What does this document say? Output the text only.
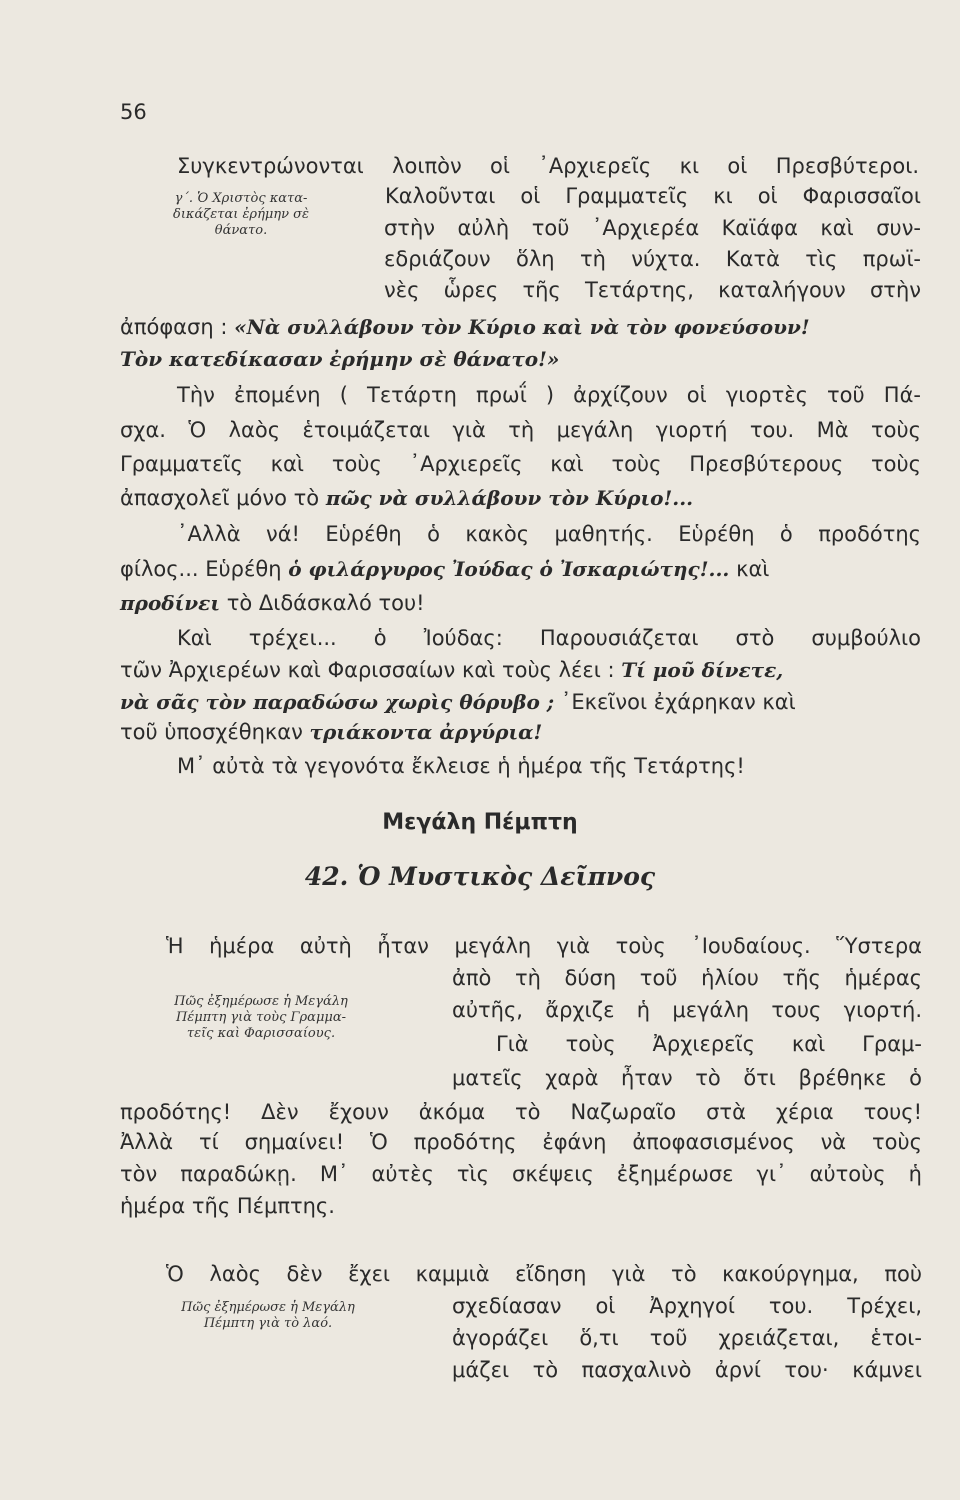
56
Συγκεντρώνονται λοιπὸν οἱ ᾿Αρχιερεῖς κι οἱ Πρεσβύτεροι.
Καλοῦνται οἱ Γραμματεῖς κι οἱ Φαρισσαῖοι
στὴν αὐλὴ τοῦ ᾿Αρχιερέα Καϊάφα καὶ συν-
εδριάζουν ὅλη τὴ νύχτα. Κατὰ τὶς πρωϊ-
νὲς ὧρες τῆς Τετάρτης, καταλήγουν στὴν
γ΄. Ὁ Χριστὸς κατα-
δικάζεται ἐρήμην σὲ
θάνατο.
ἀπόφαση : «Νὰ συλλάβουν τὸν Κύριο καὶ νὰ τὸν φονεύσουν!
Τὸν κατεδίκασαν ἐρήμην σὲ θάνατο!»
Τὴν ἐπομένη ( Τετάρτη πρωΐ ) ἀρχίζουν οἱ γιορτὲς τοῦ Πά-
σχα. Ὁ λαὸς ἑτοιμάζεται γιὰ τὴ μεγάλη γιορτή του. Μὰ τοὺς
Γραμματεῖς καὶ τοὺς ᾿Αρχιερεῖς καὶ τοὺς Πρεσβύτερους τοὺς
ἀπασχολεῖ μόνο τὸ πῶς νὰ συλλάβουν τὸν Κύριο!...
᾿Αλλὰ νά! Εὑρέθη ὁ κακὸς μαθητής. Εὑρέθη ὁ προδότης
φίλος... Εὑρέθη ὁ φιλάργυρος Ἰούδας ὁ Ἰσκαριώτης!... καὶ
προδίνει τὸ Διδάσκαλό του!
Καὶ τρέχει... ὁ Ἰούδας: Παρουσιάζεται στὸ συμβούλιο
τῶν Ἀρχιερέων καὶ Φαρισσαίων καὶ τοὺς λέει : Τί μοῦ δίνετε,
νὰ σᾶς τὸν παραδώσω χωρὶς θόρυβο ; ᾿Εκεῖνοι ἐχάρηκαν καὶ
τοῦ ὑποσχέθηκαν τριάκοντα ἀργύρια!
Μ᾿ αὐτὰ τὰ γεγονότα ἔκλεισε ἡ ἡμέρα τῆς Τετάρτης!
Μεγάλη Πέμπτη
42. Ὁ Μυστικὸς Δεῖπνος
Ἡ ἡμέρα αὐτὴ ἦταν μεγάλη γιὰ τοὺς ᾿Ιουδαίους. Ὕστερα
ἀπὸ τὴ δύση τοῦ ἡλίου τῆς ἡμέρας
αὐτῆς, ἄρχιζε ἡ μεγάλη τους γιορτή.
Γιὰ τοὺς Ἀρχιερεῖς καὶ Γραμ-
ματεῖς χαρὰ ἦταν τὸ ὅτι βρέθηκε ὁ
προδότης! Δὲν ἔχουν ἀκόμα τὸ Ναζωραῖο στὰ χέρια τους!
Ἀλλὰ τί σημαίνει! Ὁ προδότης ἐφάνη ἀποφασισμένος νὰ τοὺς
τὸν παραδώκῃ. Μ᾿ αὐτὲς τὶς σκέψεις ἐξημέρωσε γι᾿ αὐτοὺς ἡ
ἡμέρα τῆς Πέμπτης.
Πῶς ἐξημέρωσε ἡ Μεγάλη
Πέμπτη γιὰ τοὺς Γραμμα-
τεῖς καὶ Φαρισσαίους.
Ὁ λαὸς δὲν ἔχει καμμιὰ εἴδηση γιὰ τὸ κακούργημα, ποὺ
σχεδίασαν οἱ Ἀρχηγοί του. Τρέχει,
ἀγοράζει ὅ,τι τοῦ χρειάζεται, ἑτοι-
μάζει τὸ πασχαλινὸ ἀρνί του· κάμνει
Πῶς ἐξημέρωσε ἡ Μεγάλη
Πέμπτη γιὰ τὸ λαό.
